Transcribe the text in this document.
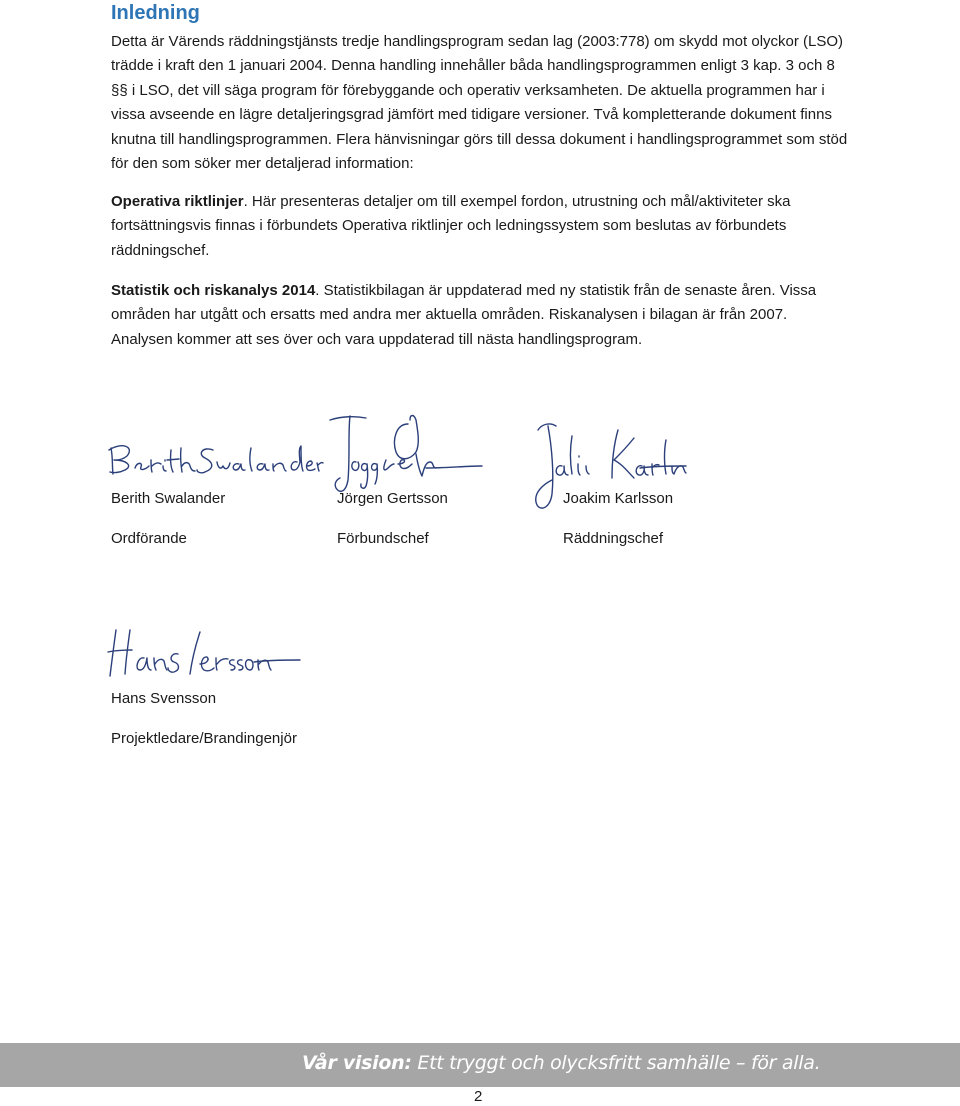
Inledning

Detta är Värends räddningstjänsts tredje handlingsprogram sedan lag (2003:778) om skydd mot olyckor (LSO) trädde i kraft den 1 januari 2004. Denna handling innehåller båda handlingsprogrammen enligt 3 kap. 3 och 8 §§ i LSO, det vill säga program för förebyggande och operativ verksamheten. De aktuella programmen har i vissa avseende en lägre detaljeringsgrad jämfört med tidigare versioner. Två kompletterande dokument finns knutna till handlingsprogrammen. Flera hänvisningar görs till dessa dokument i handlingsprogrammet som stöd för den som söker mer detaljerad information:

Operativa riktlinjer. Här presenteras detaljer om till exempel fordon, utrustning och mål/aktiviteter ska fortsättningsvis finnas i förbundets Operativa riktlinjer och ledningssystem som beslutas av förbundets räddningschef.

Statistik och riskanalys 2014. Statistikbilagan är uppdaterad med ny statistik från de senaste åren. Vissa områden har utgått och ersatts med andra mer aktuella områden. Riskanalysen i bilagan är från 2007. Analysen kommer att ses över och vara uppdaterad till nästa handlingsprogram.

Berith Swalander	Jörgen Gertsson	Joakim Karlsson
Ordförande	Förbundschef	Räddningschef
Hans Svensson
Projektledare/Brandingenjör
Vår vision: Ett tryggt och olycksfritt samhälle – för alla.
2
